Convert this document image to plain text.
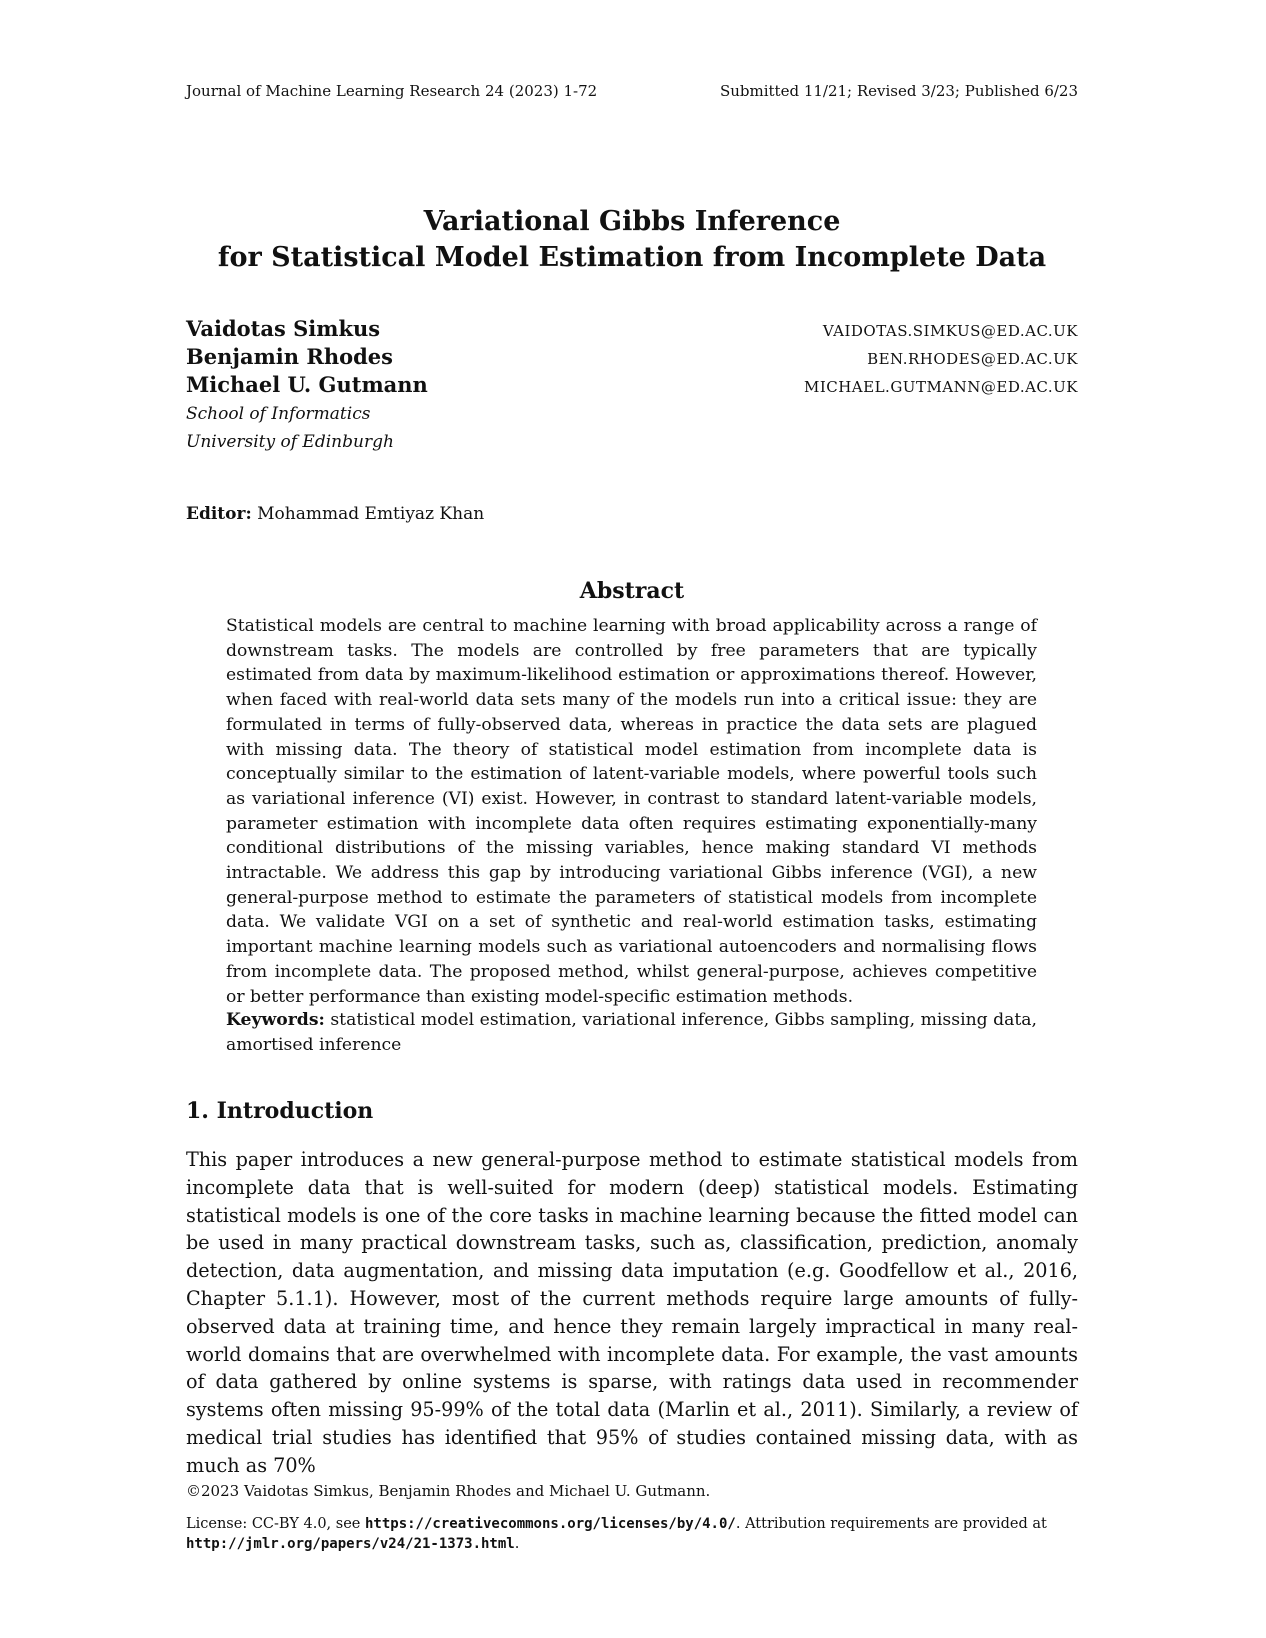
Journal of Machine Learning Research 24 (2023) 1-72	Submitted 11/21; Revised 3/23; Published 6/23
Variational Gibbs Inference
for Statistical Model Estimation from Incomplete Data
Vaidotas Simkus	VAIDOTAS.SIMKUS@ED.AC.UK
Benjamin Rhodes	BEN.RHODES@ED.AC.UK
Michael U. Gutmann	MICHAEL.GUTMANN@ED.AC.UK
School of Informatics
University of Edinburgh
Editor: Mohammad Emtiyaz Khan
Abstract
Statistical models are central to machine learning with broad applicability across a range of downstream tasks. The models are controlled by free parameters that are typically estimated from data by maximum-likelihood estimation or approximations thereof. However, when faced with real-world data sets many of the models run into a critical issue: they are formulated in terms of fully-observed data, whereas in practice the data sets are plagued with missing data. The theory of statistical model estimation from incomplete data is conceptually similar to the estimation of latent-variable models, where powerful tools such as variational inference (VI) exist. However, in contrast to standard latent-variable models, parameter estimation with incomplete data often requires estimating exponentially-many conditional distributions of the missing variables, hence making standard VI methods intractable. We address this gap by introducing variational Gibbs inference (VGI), a new general-purpose method to estimate the parameters of statistical models from incomplete data. We validate VGI on a set of synthetic and real-world estimation tasks, estimating important machine learning models such as variational autoencoders and normalising flows from incomplete data. The proposed method, whilst general-purpose, achieves competitive or better performance than existing model-specific estimation methods.
Keywords: statistical model estimation, variational inference, Gibbs sampling, missing data, amortised inference
1. Introduction
This paper introduces a new general-purpose method to estimate statistical models from incomplete data that is well-suited for modern (deep) statistical models. Estimating statistical models is one of the core tasks in machine learning because the fitted model can be used in many practical downstream tasks, such as, classification, prediction, anomaly detection, data augmentation, and missing data imputation (e.g. Goodfellow et al., 2016, Chapter 5.1.1). However, most of the current methods require large amounts of fully-observed data at training time, and hence they remain largely impractical in many real-world domains that are overwhelmed with incomplete data. For example, the vast amounts of data gathered by online systems is sparse, with ratings data used in recommender systems often missing 95-99% of the total data (Marlin et al., 2011). Similarly, a review of medical trial studies has identified that 95% of studies contained missing data, with as much as 70%
©2023 Vaidotas Simkus, Benjamin Rhodes and Michael U. Gutmann.
License: CC-BY 4.0, see https://creativecommons.org/licenses/by/4.0/. Attribution requirements are provided at http://jmlr.org/papers/v24/21-1373.html.
